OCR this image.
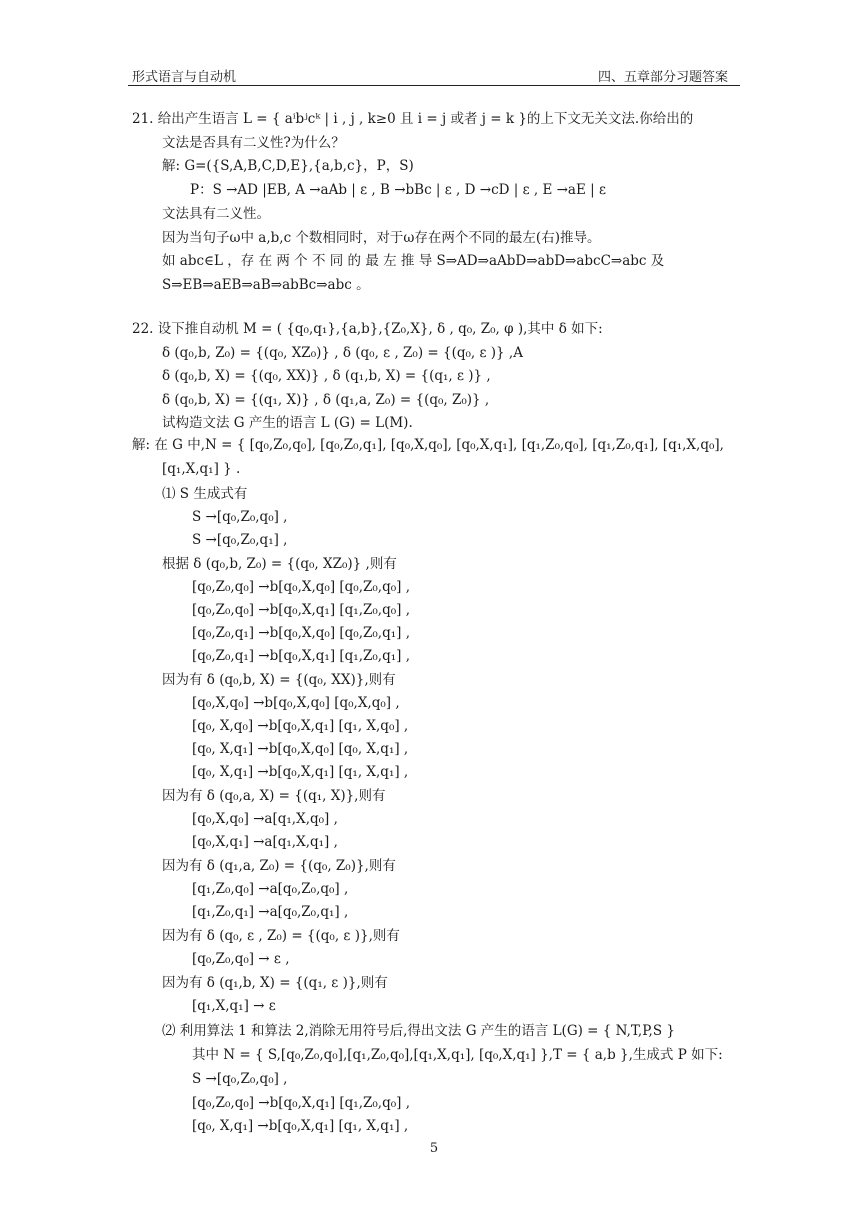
形式语言与自动机	四、五章部分习题答案
21. 给出产生语言 L = { aⁱbʲcᵏ | i , j , k≥0 且 i = j 或者 j = k }的上下文无关文法.你给出的
文法是否具有二义性?为什么？
解: G=({S,A,B,C,D,E},{a,b,c}，P，S)
P：S →AD |EB, A →aAb | ε , B →bBc | ε , D →cD | ε , E →aE | ε
文法具有二义性。
因为当句子ω中 a,b,c 个数相同时，对于ω存在两个不同的最左(右)推导。
如 abc∈L ，存 在 两 个 不 同 的 最 左 推 导 S⇒AD⇒aAbD⇒abD⇒abcC⇒abc 及
S⇒EB⇒aEB⇒aB⇒abBc⇒abc 。
22. 设下推自动机 M = ( {q₀,q₁},{a,b},{Z₀,X}, δ , q₀, Z₀, φ ),其中 δ 如下:
δ (q₀,b, Z₀) = {(q₀, XZ₀)} , δ (q₀, ε , Z₀) = {(q₀, ε )} ,A
δ (q₀,b, X) = {(q₀, XX)} , δ (q₁,b, X) = {(q₁, ε )} ,
δ (q₀,b, X) = {(q₁, X)} , δ (q₁,a, Z₀) = {(q₀, Z₀)} ,
试构造文法 G 产生的语言 L (G) = L(M).
解: 在 G 中,N = { [q₀,Z₀,q₀], [q₀,Z₀,q₁], [q₀,X,q₀], [q₀,X,q₁], [q₁,Z₀,q₀], [q₁,Z₀,q₁], [q₁,X,q₀],
[q₁,X,q₁] } .
⑴ S 生成式有
S →[q₀,Z₀,q₀] ,
S →[q₀,Z₀,q₁] ,
根据 δ (q₀,b, Z₀) = {(q₀, XZ₀)} ,则有
[q₀,Z₀,q₀] →b[q₀,X,q₀] [q₀,Z₀,q₀] ,
[q₀,Z₀,q₀] →b[q₀,X,q₁] [q₁,Z₀,q₀] ,
[q₀,Z₀,q₁] →b[q₀,X,q₀] [q₀,Z₀,q₁] ,
[q₀,Z₀,q₁] →b[q₀,X,q₁] [q₁,Z₀,q₁] ,
因为有 δ (q₀,b, X) = {(q₀, XX)},则有
[q₀,X,q₀] →b[q₀,X,q₀] [q₀,X,q₀] ,
[q₀, X,q₀] →b[q₀,X,q₁] [q₁, X,q₀] ,
[q₀, X,q₁] →b[q₀,X,q₀] [q₀, X,q₁] ,
[q₀, X,q₁] →b[q₀,X,q₁] [q₁, X,q₁] ,
因为有 δ (q₀,a, X) = {(q₁, X)},则有
[q₀,X,q₀] →a[q₁,X,q₀] ,
[q₀,X,q₁] →a[q₁,X,q₁] ,
因为有 δ (q₁,a, Z₀) = {(q₀, Z₀)},则有
[q₁,Z₀,q₀] →a[q₀,Z₀,q₀] ,
[q₁,Z₀,q₁] →a[q₀,Z₀,q₁] ,
因为有 δ (q₀, ε , Z₀) = {(q₀, ε )},则有
[q₀,Z₀,q₀] → ε ,
因为有 δ (q₁,b, X) = {(q₁, ε )},则有
[q₁,X,q₁] → ε
⑵ 利用算法 1 和算法 2,消除无用符号后,得出文法 G 产生的语言 L(G) = { N,T,P,S }
其中 N = { S,[q₀,Z₀,q₀],[q₁,Z₀,q₀],[q₁,X,q₁], [q₀,X,q₁] },T = { a,b },生成式 P 如下:
S →[q₀,Z₀,q₀] ,
[q₀,Z₀,q₀] →b[q₀,X,q₁] [q₁,Z₀,q₀] ,
[q₀, X,q₁] →b[q₀,X,q₁] [q₁, X,q₁] ,
5
